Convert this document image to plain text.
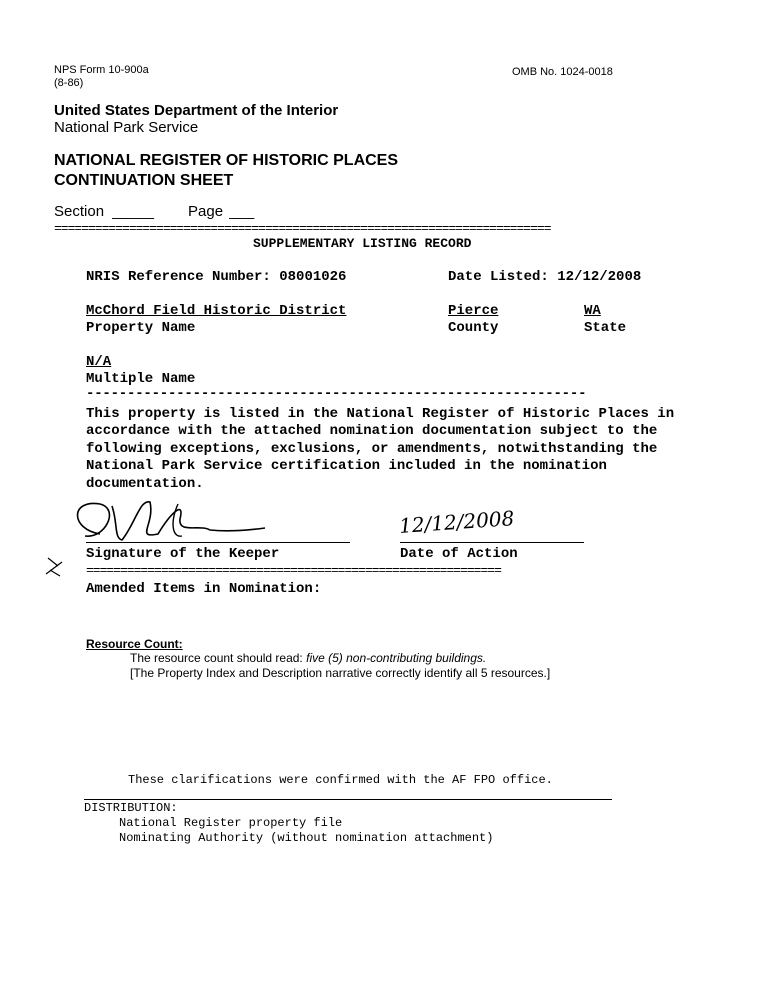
NPS Form 10-900a
(8-86)
OMB No. 1024-0018
United States Department of the Interior
National Park Service
NATIONAL REGISTER OF HISTORIC PLACES
CONTINUATION SHEET
Section _____ Page ___
=========================================================================
SUPPLEMENTARY LISTING RECORD
NRIS Reference Number: 08001026	Date Listed: 12/12/2008
McChord Field Historic District
Property Name
Pierce
County
WA
State
N/A
Multiple Name
-------------------------------------------------------------
This property is listed in the National Register of Historic Places in
accordance with the attached nomination documentation subject to the
following exceptions, exclusions, or amendments, notwithstanding the
National Park Service certification included in the nomination
documentation.
Signature of the Keeper
12/12/2008
Date of Action
=============================================================
Amended Items in Nomination:
Resource Count:
The resource count should read: five (5) non-contributing buildings.
[The Property Index and Description narrative correctly identify all 5 resources.]
These clarifications were confirmed with the AF FPO office.
DISTRIBUTION:
National Register property file
Nominating Authority (without nomination attachment)
